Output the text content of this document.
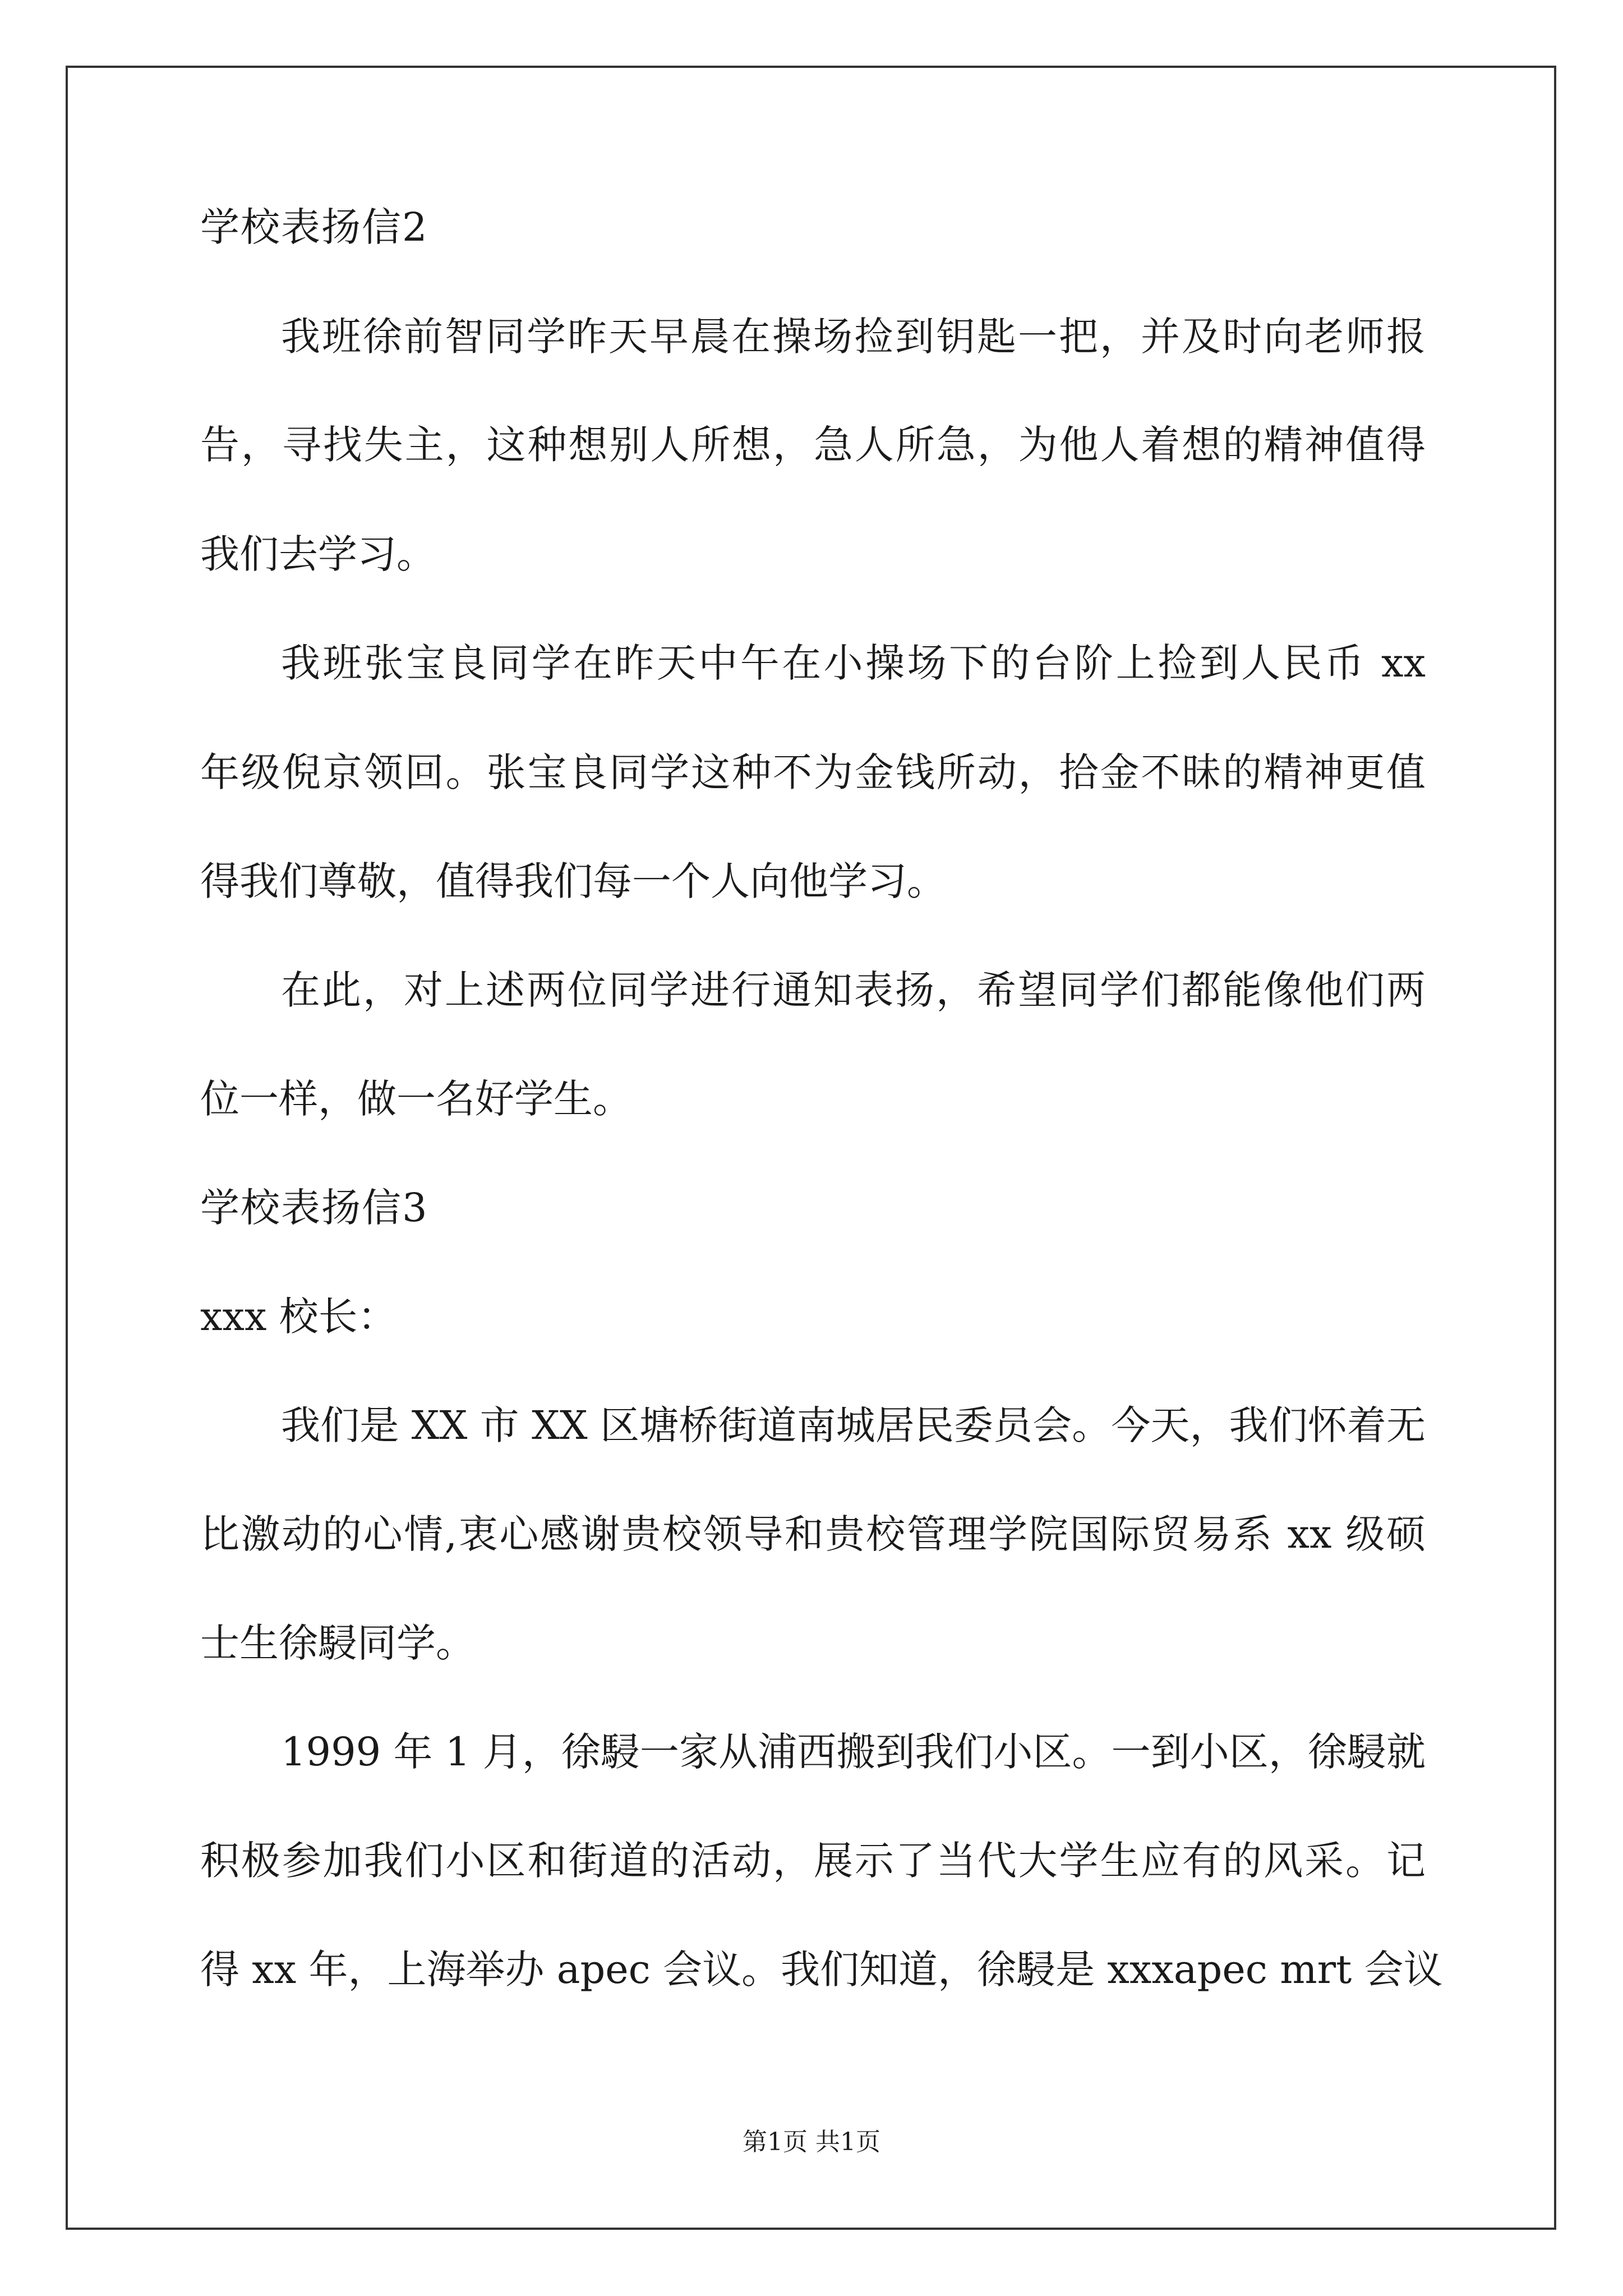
学校表扬信2
我班徐前智同学昨天早晨在操场捡到钥匙一把，并及时向老师报
告，寻找失主，这种想别人所想，急人所急，为他人着想的精神值得
我们去学习。
我班张宝良同学在昨天中午在小操场下的台阶上捡到人民币 xx
年级倪京领回。张宝良同学这种不为金钱所动，拾金不昧的精神更值
得我们尊敬，值得我们每一个人向他学习。
在此，对上述两位同学进行通知表扬，希望同学们都能像他们两
位一样，做一名好学生。
学校表扬信3
xxx 校长：
我们是 XX 市 XX 区塘桥街道南城居民委员会。今天，我们怀着无
比激动的心情,衷心感谢贵校领导和贵校管理学院国际贸易系 xx 级硕
士生徐駸同学。
1999 年 1 月，徐駸一家从浦西搬到我们小区。一到小区，徐駸就
积极参加我们小区和街道的活动，展示了当代大学生应有的风采。记
得 xx 年，上海举办 apec 会议。我们知道，徐駸是 xxxapec mrt 会议
第1页 共1页
